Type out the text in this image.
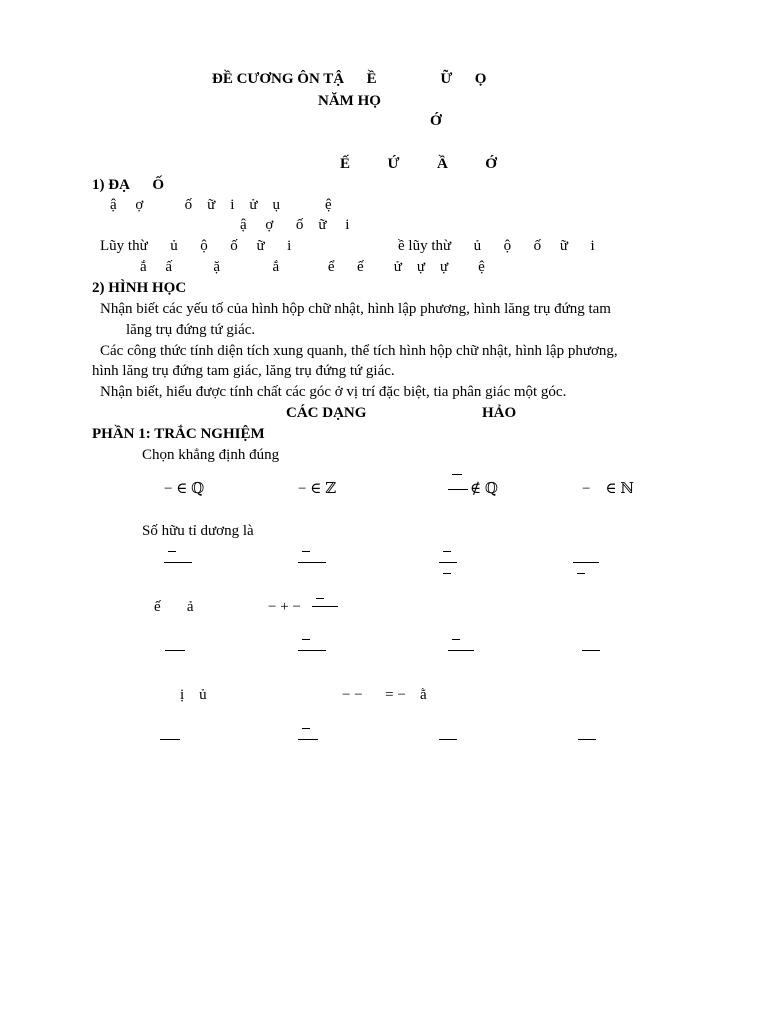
ĐỀ CƯƠNG ÔN TẬ      Ề                 Ữ      Ọ
NĂM HỌ
Ớ
Ế          Ứ          Ầ          Ớ
1) ĐẠ      Ố
ậ     ợ           ố    ữ    i    ử    ụ            ệ
ậ     ợ      ố    ữ     i
Lũy thừ      ủ      ộ      ố     ữ      i	ề lũy thừ      ủ      ộ      ố     ữ      i
ắ     ấ           ặ              ắ             ể      ế        ử    ự    ự        ệ
2) HÌNH HỌC
Nhận biết các yếu tố của hình hộp chữ nhật, hình lập phương, hình lăng trụ đứng tam
lăng trụ đứng tứ giác.
Các công thức tính diện tích xung quanh, thể tích hình hộp chữ nhật, hình lập phương,
hình lăng trụ đứng tam giác, lăng trụ đứng tứ giác.
Nhận biết, hiểu được tính chất các góc ở vị trí đặc biệt, tia phân giác một góc.
CÁC DẠNG	HẢO
PHẦN 1: TRẮC NGHIỆM
Chọn khẳng định đúng
− ∈ ℚ	− ∈ ℤ	∉ ℚ	−    ∈ ℕ
Số hữu tỉ dương là
ế       ả	− + −
ị    ủ	− −      = − ằ
